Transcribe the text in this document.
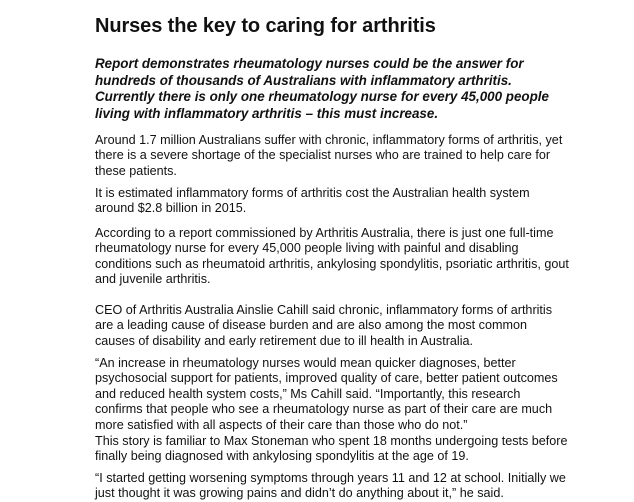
Nurses the key to caring for arthritis
Report demonstrates rheumatology nurses could be the answer for
hundreds of thousands of Australians with inflammatory arthritis.
Currently there is only one rheumatology nurse for every 45,000 people
living with inflammatory arthritis – this must increase.
Around 1.7 million Australians suffer with chronic, inflammatory forms of arthritis, yet
there is a severe shortage of the specialist nurses who are trained to help care for
these patients.
It is estimated inflammatory forms of arthritis cost the Australian health system
around $2.8 billion in 2015.
According to a report commissioned by Arthritis Australia, there is just one full-time
rheumatology nurse for every 45,000 people living with painful and disabling
conditions such as rheumatoid arthritis, ankylosing spondylitis, psoriatic arthritis, gout
and juvenile arthritis.
CEO of Arthritis Australia Ainslie Cahill said chronic, inflammatory forms of arthritis
are a leading cause of disease burden and are also among the most common
causes of disability and early retirement due to ill health in Australia.
“An increase in rheumatology nurses would mean quicker diagnoses, better
psychosocial support for patients, improved quality of care, better patient outcomes
and reduced health system costs,” Ms Cahill said. “Importantly, this research
confirms that people who see a rheumatology nurse as part of their care are much
more satisfied with all aspects of their care than those who do not.”
This story is familiar to Max Stoneman who spent 18 months undergoing tests before
finally being diagnosed with ankylosing spondylitis at the age of 19.
“I started getting worsening symptoms through years 11 and 12 at school. Initially we
just thought it was growing pains and didn’t do anything about it,” he said.
